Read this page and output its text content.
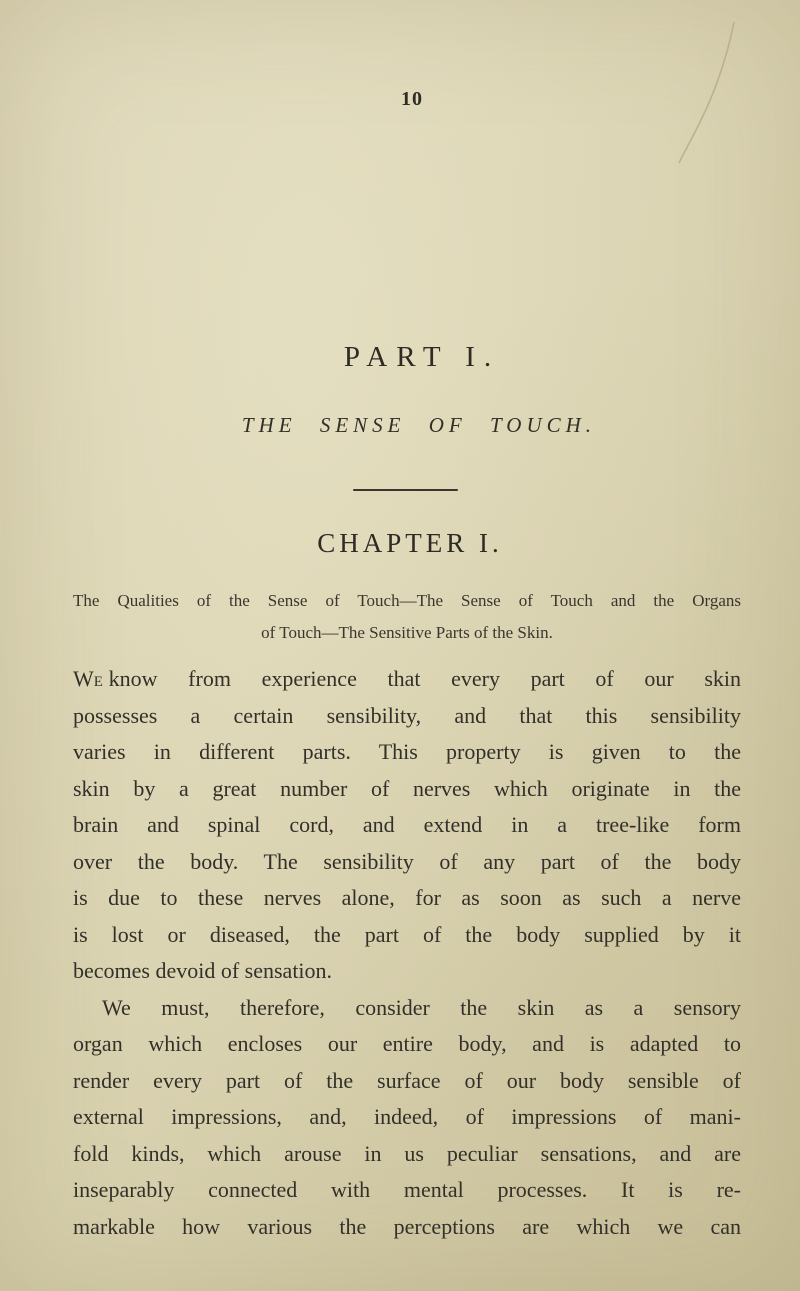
10
PART I.
THE SENSE OF TOUCH.
CHAPTER I.
The Qualities of the Sense of Touch—The Sense of Touch and the Organs
of Touch—The Sensitive Parts of the Skin.
We know from experience that every part of our skin
possesses a certain sensibility, and that this sensibility
varies in different parts. This property is given to the
skin by a great number of nerves which originate in the
brain and spinal cord, and extend in a tree-like form
over the body. The sensibility of any part of the body
is due to these nerves alone, for as soon as such a nerve
is lost or diseased, the part of the body supplied by it
becomes devoid of sensation.
We must, therefore, consider the skin as a sensory
organ which encloses our entire body, and is adapted to
render every part of the surface of our body sensible of
external impressions, and, indeed, of impressions of mani-
fold kinds, which arouse in us peculiar sensations, and are
inseparably connected with mental processes. It is re-
markable how various the perceptions are which we can
